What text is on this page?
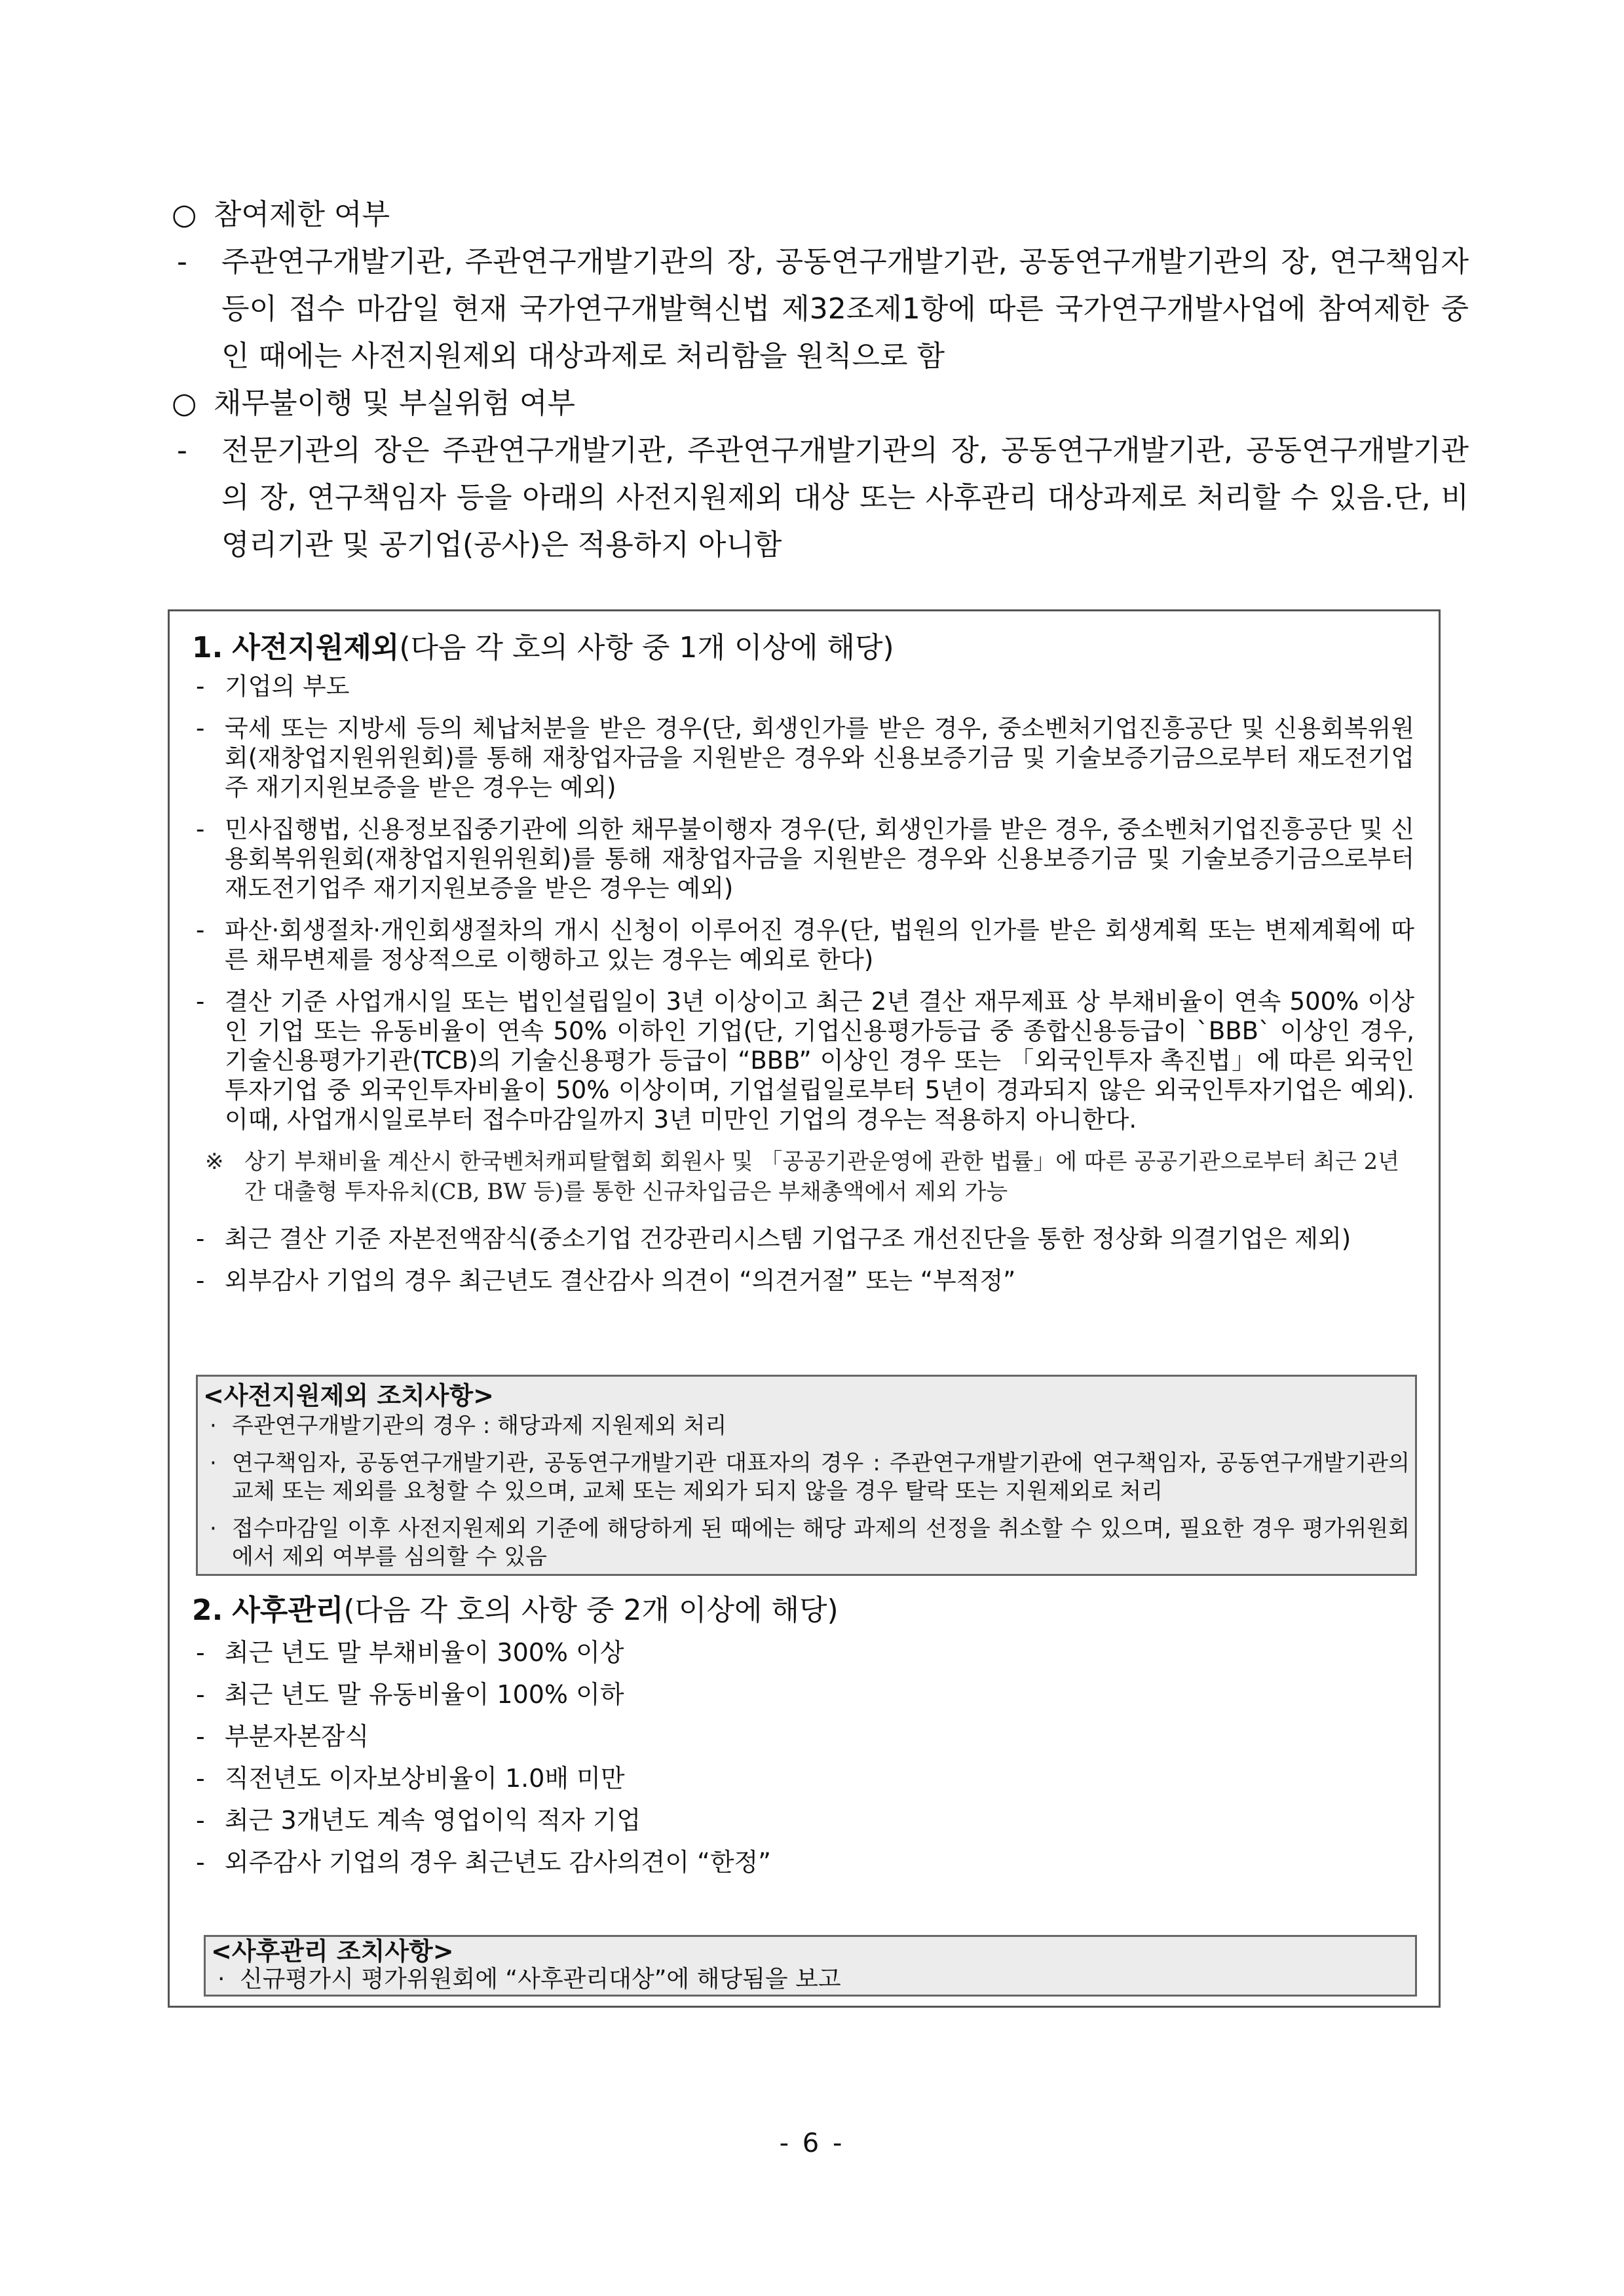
○ 참여제한 여부
-	주관연구개발기관, 주관연구개발기관의 장, 공동연구개발기관, 공동연구개발기관의 장, 연구책임자 등이 접수 마감일 현재 국가연구개발혁신법 제32조제1항에 따른 국가연구개발사업에 참여제한 중인 때에는 사전지원제외 대상과제로 처리함을 원칙으로 함
○ 채무불이행 및 부실위험 여부
-	전문기관의 장은 주관연구개발기관, 주관연구개발기관의 장, 공동연구개발기관, 공동연구개발기관의 장, 연구책임자 등을 아래의 사전지원제외 대상 또는 사후관리 대상과제로 처리할 수 있음.단, 비영리기관 및 공기업(공사)은 적용하지 아니함
1. 사전지원제외(다음 각 호의 사항 중 1개 이상에 해당)
- 기업의 부도
- 국세 또는 지방세 등의 체납처분을 받은 경우(단, 회생인가를 받은 경우, 중소벤처기업진흥공단 및 신용회복위원회(재창업지원위원회)를 통해 재창업자금을 지원받은 경우와 신용보증기금 및 기술보증기금으로부터 재도전기업주 재기지원보증을 받은 경우는 예외)
- 민사집행법, 신용정보집중기관에 의한 채무불이행자 경우(단, 회생인가를 받은 경우, 중소벤처기업진흥공단 및 신용회복위원회(재창업지원위원회)를 통해 재창업자금을 지원받은 경우와 신용보증기금 및 기술보증기금으로부터 재도전기업주 재기지원보증을 받은 경우는 예외)
- 파산·회생절차·개인회생절차의 개시 신청이 이루어진 경우(단, 법원의 인가를 받은 회생계획 또는 변제계획에 따른 채무변제를 정상적으로 이행하고 있는 경우는 예외로 한다)
- 결산 기준 사업개시일 또는 법인설립일이 3년 이상이고 최근 2년 결산 재무제표 상 부채비율이 연속 500% 이상인 기업 또는 유동비율이 연속 50% 이하인 기업(단, 기업신용평가등급 중 종합신용등급이 `BBB` 이상인 경우, 기술신용평가기관(TCB)의 기술신용평가 등급이 “BBB” 이상인 경우 또는 「외국인투자 촉진법」에 따른 외국인투자기업 중 외국인투자비율이 50% 이상이며, 기업설립일로부터 5년이 경과되지 않은 외국인투자기업은 예외). 이때, 사업개시일로부터 접수마감일까지 3년 미만인 기업의 경우는 적용하지 아니한다.
※ 상기 부채비율 계산시 한국벤처캐피탈협회 회원사 및 「공공기관운영에 관한 법률」에 따른 공공기관으로부터 최근 2년간 대출형 투자유치(CB, BW 등)를 통한 신규차입금은 부채총액에서 제외 가능
- 최근 결산 기준 자본전액잠식(중소기업 건강관리시스템 기업구조 개선진단을 통한 정상화 의결기업은 제외)
- 외부감사 기업의 경우 최근년도 결산감사 의견이 “의견거절” 또는 “부적정”
<사전지원제외 조치사항>
· 주관연구개발기관의 경우 : 해당과제 지원제외 처리
· 연구책임자, 공동연구개발기관, 공동연구개발기관 대표자의 경우 : 주관연구개발기관에 연구책임자, 공동연구개발기관의 교체 또는 제외를 요청할 수 있으며, 교체 또는 제외가 되지 않을 경우 탈락 또는 지원제외로 처리
· 접수마감일 이후 사전지원제외 기준에 해당하게 된 때에는 해당 과제의 선정을 취소할 수 있으며, 필요한 경우 평가위원회에서 제외 여부를 심의할 수 있음
2. 사후관리(다음 각 호의 사항 중 2개 이상에 해당)
- 최근 년도 말 부채비율이 300% 이상
- 최근 년도 말 유동비율이 100% 이하
- 부분자본잠식
- 직전년도 이자보상비율이 1.0배 미만
- 최근 3개년도 계속 영업이익 적자 기업
- 외주감사 기업의 경우 최근년도 감사의견이 “한정”
<사후관리 조치사항>
· 신규평가시 평가위원회에 “사후관리대상”에 해당됨을 보고
- 6 -
